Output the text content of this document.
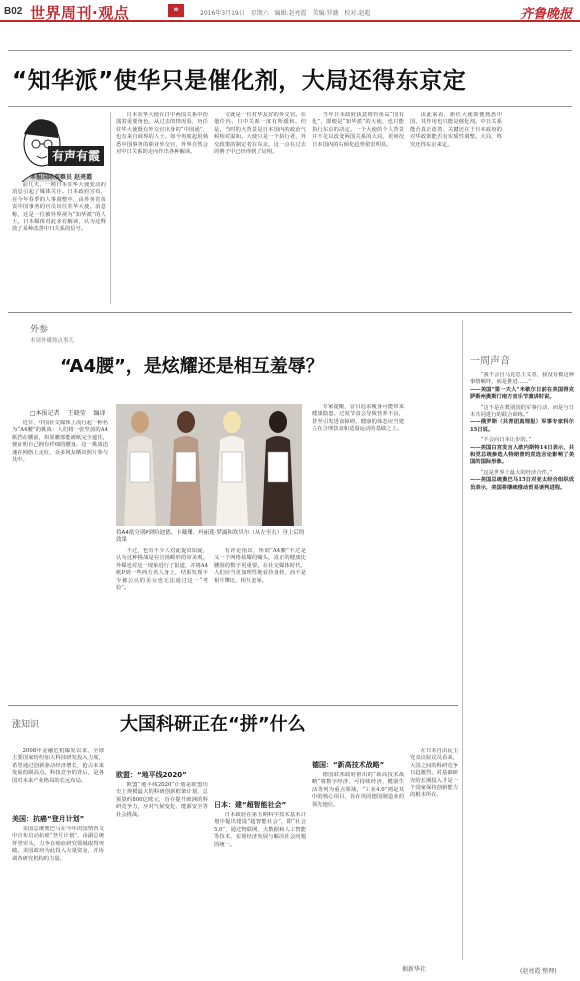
B02 世界周刊·观点	»	2016年3月19日 星期六 编辑:赵亮霞 美编:罗薇 校对:赵彪	齐鲁晚报
“知华派”使华只是催化剂，大局还得东京定
有声有霞
本报国际观察员 赵亮霞

前几天，一则日本驻华大使变动的消息引起了媒体关注。日本政府宣布，在今年春季的人事调整中，由外务省负责中国事务的官员出任驻华大使。消息称，这是一位被外界视为“知华派”的人士。日本媒体对此多有解读，认为这释放了某种改善中日关系的信号。

日本驻华大使在日中两国关系中扮演着重要角色。从过去的情况看，历任驻华大使既有外交官出身的“中国通”，也有来自商界的人士。如今再度起用熟悉中国事务的职业外交官，外界自然会对中日关系的走向作出各种解读。

文就是一位对华友好的外交官。在他任内，日中关系一度有所缓和。但是，当时的大背景是日本国内的政治气候相对温和。大使只是一个执行者，外交政策的制定者在东京。这一点在过去的例子中已经得到了证明。

当年日本政府执意将钓鱼岛“国有化”，即便是“知华派”的大使，也只能执行东京的决定。一个大使的个人背景并不足以改变两国关系的大局，更何况日本国内的右倾化趋势依旧明显。

由此来看，新任大使即便熟悉中国，其作用也只能是催化剂。中日关系能否真正改善，关键还在于日本政府的对华政策能否有实质性调整。大局，终究还得东京来定。

外参
本周外媒热点事儿
“A4腰”，是炫耀还是相互羞辱？
□本报记者 王晓莹 编译
将A4纸分别P到哈迪德、卡戴珊、玛丽莲·梦露和坎贝尔（从左至右）身上后的效果

近日，中国社交媒体上流行起一种名为“A4腰”的挑战：人们将一张竖放的A4纸挡在腰前，如果腰部能被纸完全遮住，便证明自己拥有纤细的腰身。这一挑战迅速在网络上走红，众多网友晒出照片参与其中。

不过，也有不少人对此提出质疑，认为这种挑战是在宣扬畸形的审美观。外媒也对这一现象进行了报道，并将A4纸P到一些西方名人身上，结果发现不少被公认的美女也无法通过这一“考验”。

有评论指出，所谓“A4腰”不过是又一个网络炫耀的噱头，真正的健康比腰围的数字更重要。在社交媒体时代，人们应当更加理性地看待身材，而不是相互攀比、相互羞辱。

专家提醒，盲目追求瘦身可能带来健康隐患。过度节食会导致营养不良，甚至引发进食障碍。健康的体态应当建立在合理饮食和适量运动的基础之上。

一周声音

“我不会自马克思主义者，我没有被这种事情羁绊，而是推进……”

——美国“第一夫人”米歇尔日前在美国得克萨斯州奥斯汀南方音乐节演讲时说。

“这不是在教别国的军事行动，而是与日本共同进行的联合训练。”

——俄罗斯（共青团真理报）军事专家科尔15日说。

“不会向日本让步的。”

——美国白宫发言人欧内斯特14日表示，共和党总统参选人特朗普的竞选言论影响了美国的国际形象。

“这是世界上最大的经济合作。”

——美国总统奥巴马15日对亚太经合组织成员表示，美国将继续推动贸易谈判进程。

涨知识	大国科研正在“拼”什么

2008年金融危机爆发以来，全球主要国家纷纷加大科技研发投入力度，希望通过创新驱动经济增长，抢占未来发展的制高点。科技竞争的背后，是各国对未来产业格局的长远布局。

美国：抗癌“登月计划”

美国总统奥巴马在今年的国情咨文中宣布启动抗癌“登月计划”，由副总统拜登牵头，力争在癌症研究领域取得突破。美国政府为此投入大量资金，并协调各研究机构的力量。

欧盟：“地平线2020”

欧盟“地平线2020”计划是欧盟历史上规模最大的科研创新框架计划，总预算约800亿欧元，旨在提升欧洲的科研竞争力，应对气候变化、能源安全等社会挑战。

日本：建“超智能社会”

日本政府在第五期科学技术基本计划中提出建设“超智能社会”，即“社会5.0”，通过物联网、大数据和人工智能等技术，实现经济发展与解决社会问题的统一。

德国：“新高技术战略”

德国联邦政府推出的“新高技术战略”将数字经济、可持续经济、健康生活等列为重点领域，“工业4.0”则是其中的核心项目，旨在巩固德国制造业的领先地位。

在日本自由民主党众议院议员看来，大国之间的科研竞争日趋激烈，对基础研究的长期投入才是一个国家保持创新能力的根本所在。

据新华社	(赵亮霞 整理)
